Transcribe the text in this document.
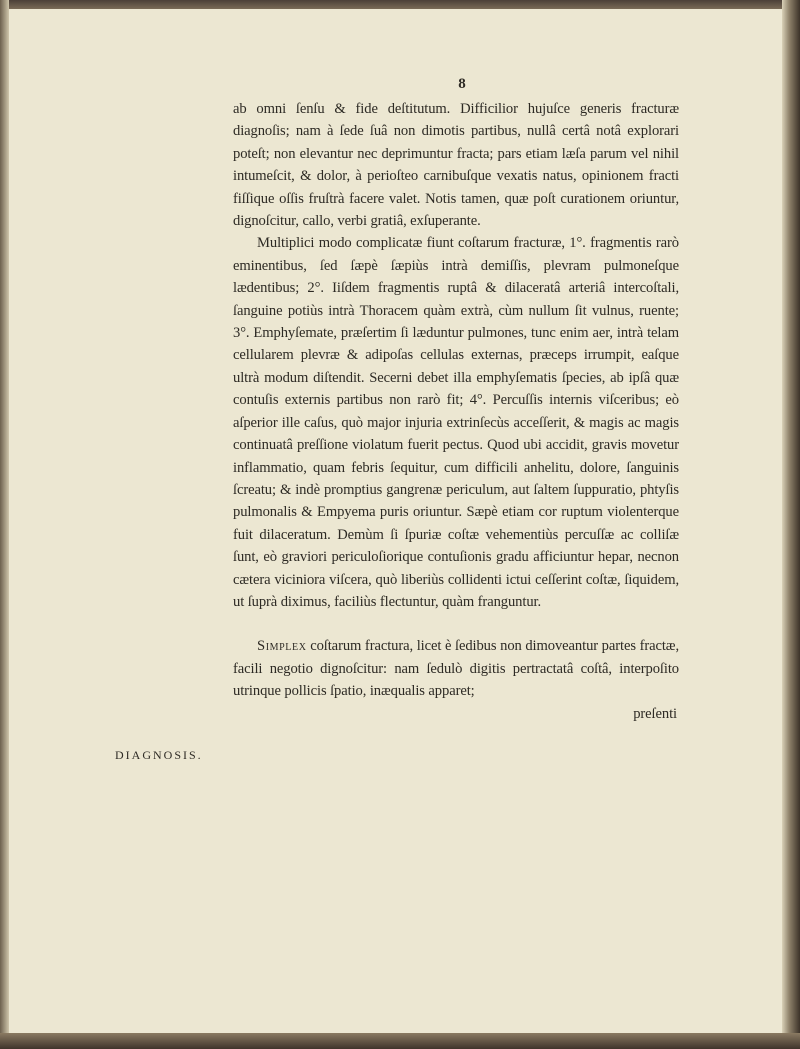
8
DIAGNOSIS.

ab omni ſenſu & fide deſtitutum. Difficilior hujuſce generis fracturæ diagnoſis; nam à ſede ſuâ non dimotis partibus, nullâ certâ notâ explorari poteſt; non elevantur nec deprimuntur fracta; pars etiam læſa parum vel nihil intumeſcit, & dolor, à perioſteo carnibuſque vexatis natus, opinionem fracti fiſſique oſſis fruſtrà facere valet. Notis tamen, quæ poſt curationem oriuntur, dignoſcitur, callo, verbi gratiâ, exſuperante.

Multiplici modo complicatæ fiunt coſtarum fracturæ, 1°. fragmentis rarò eminentibus, ſed ſæpè ſæpiùs intrà demiſſis, plevram pulmoneſque lædentibus; 2°. Iiſdem fragmentis ruptâ & dilaceratâ arteriâ intercoſtali, ſanguine potiùs intrà Thoracem quàm extrà, cùm nullum ſit vulnus, ruente; 3°. Emphyſemate, præſertim ſi læduntur pulmones, tunc enim aer, intrà telam cellularem plevræ & adipoſas cellulas externas, præceps irrumpit, eaſque ultrà modum diſtendit. Secerni debet illa emphyſematis ſpecies, ab ipſâ quæ contuſis externis partibus non rarò fit; 4°. Percuſſis internis viſceribus; eò aſperior ille caſus, quò major injuria extrinſecùs acceſſerit, & magis ac magis continuatâ preſſione violatum fuerit pectus. Quod ubi accidit, gravis movetur inflammatio, quam febris ſequitur, cum difficili anhelitu, dolore, ſanguinis ſcreatu; & indè promptius gangrenæ periculum, aut ſaltem ſuppuratio, phtyſis pulmonalis & Empyema puris oriuntur. Sæpè etiam cor ruptum violenterque fuit dilaceratum. Demùm ſi ſpuriæ coſtæ vehementiùs percuſſæ ac colliſæ ſunt, eò graviori periculoſiorique contuſionis gradu afficiuntur hepar, necnon cætera viciniora viſcera, quò liberiùs collidenti ictui ceſſerint coſtæ, ſiquidem, ut ſuprà diximus, faciliùs flectuntur, quàm franguntur.

Simplex coſtarum fractura, licet è ſedibus non dimoveantur partes fractæ, facili negotio dignoſcitur: nam ſedulò digitis pertractatâ coſtâ, interpoſito utrinque pollicis ſpatio, inæqualis apparet;

preſenti
